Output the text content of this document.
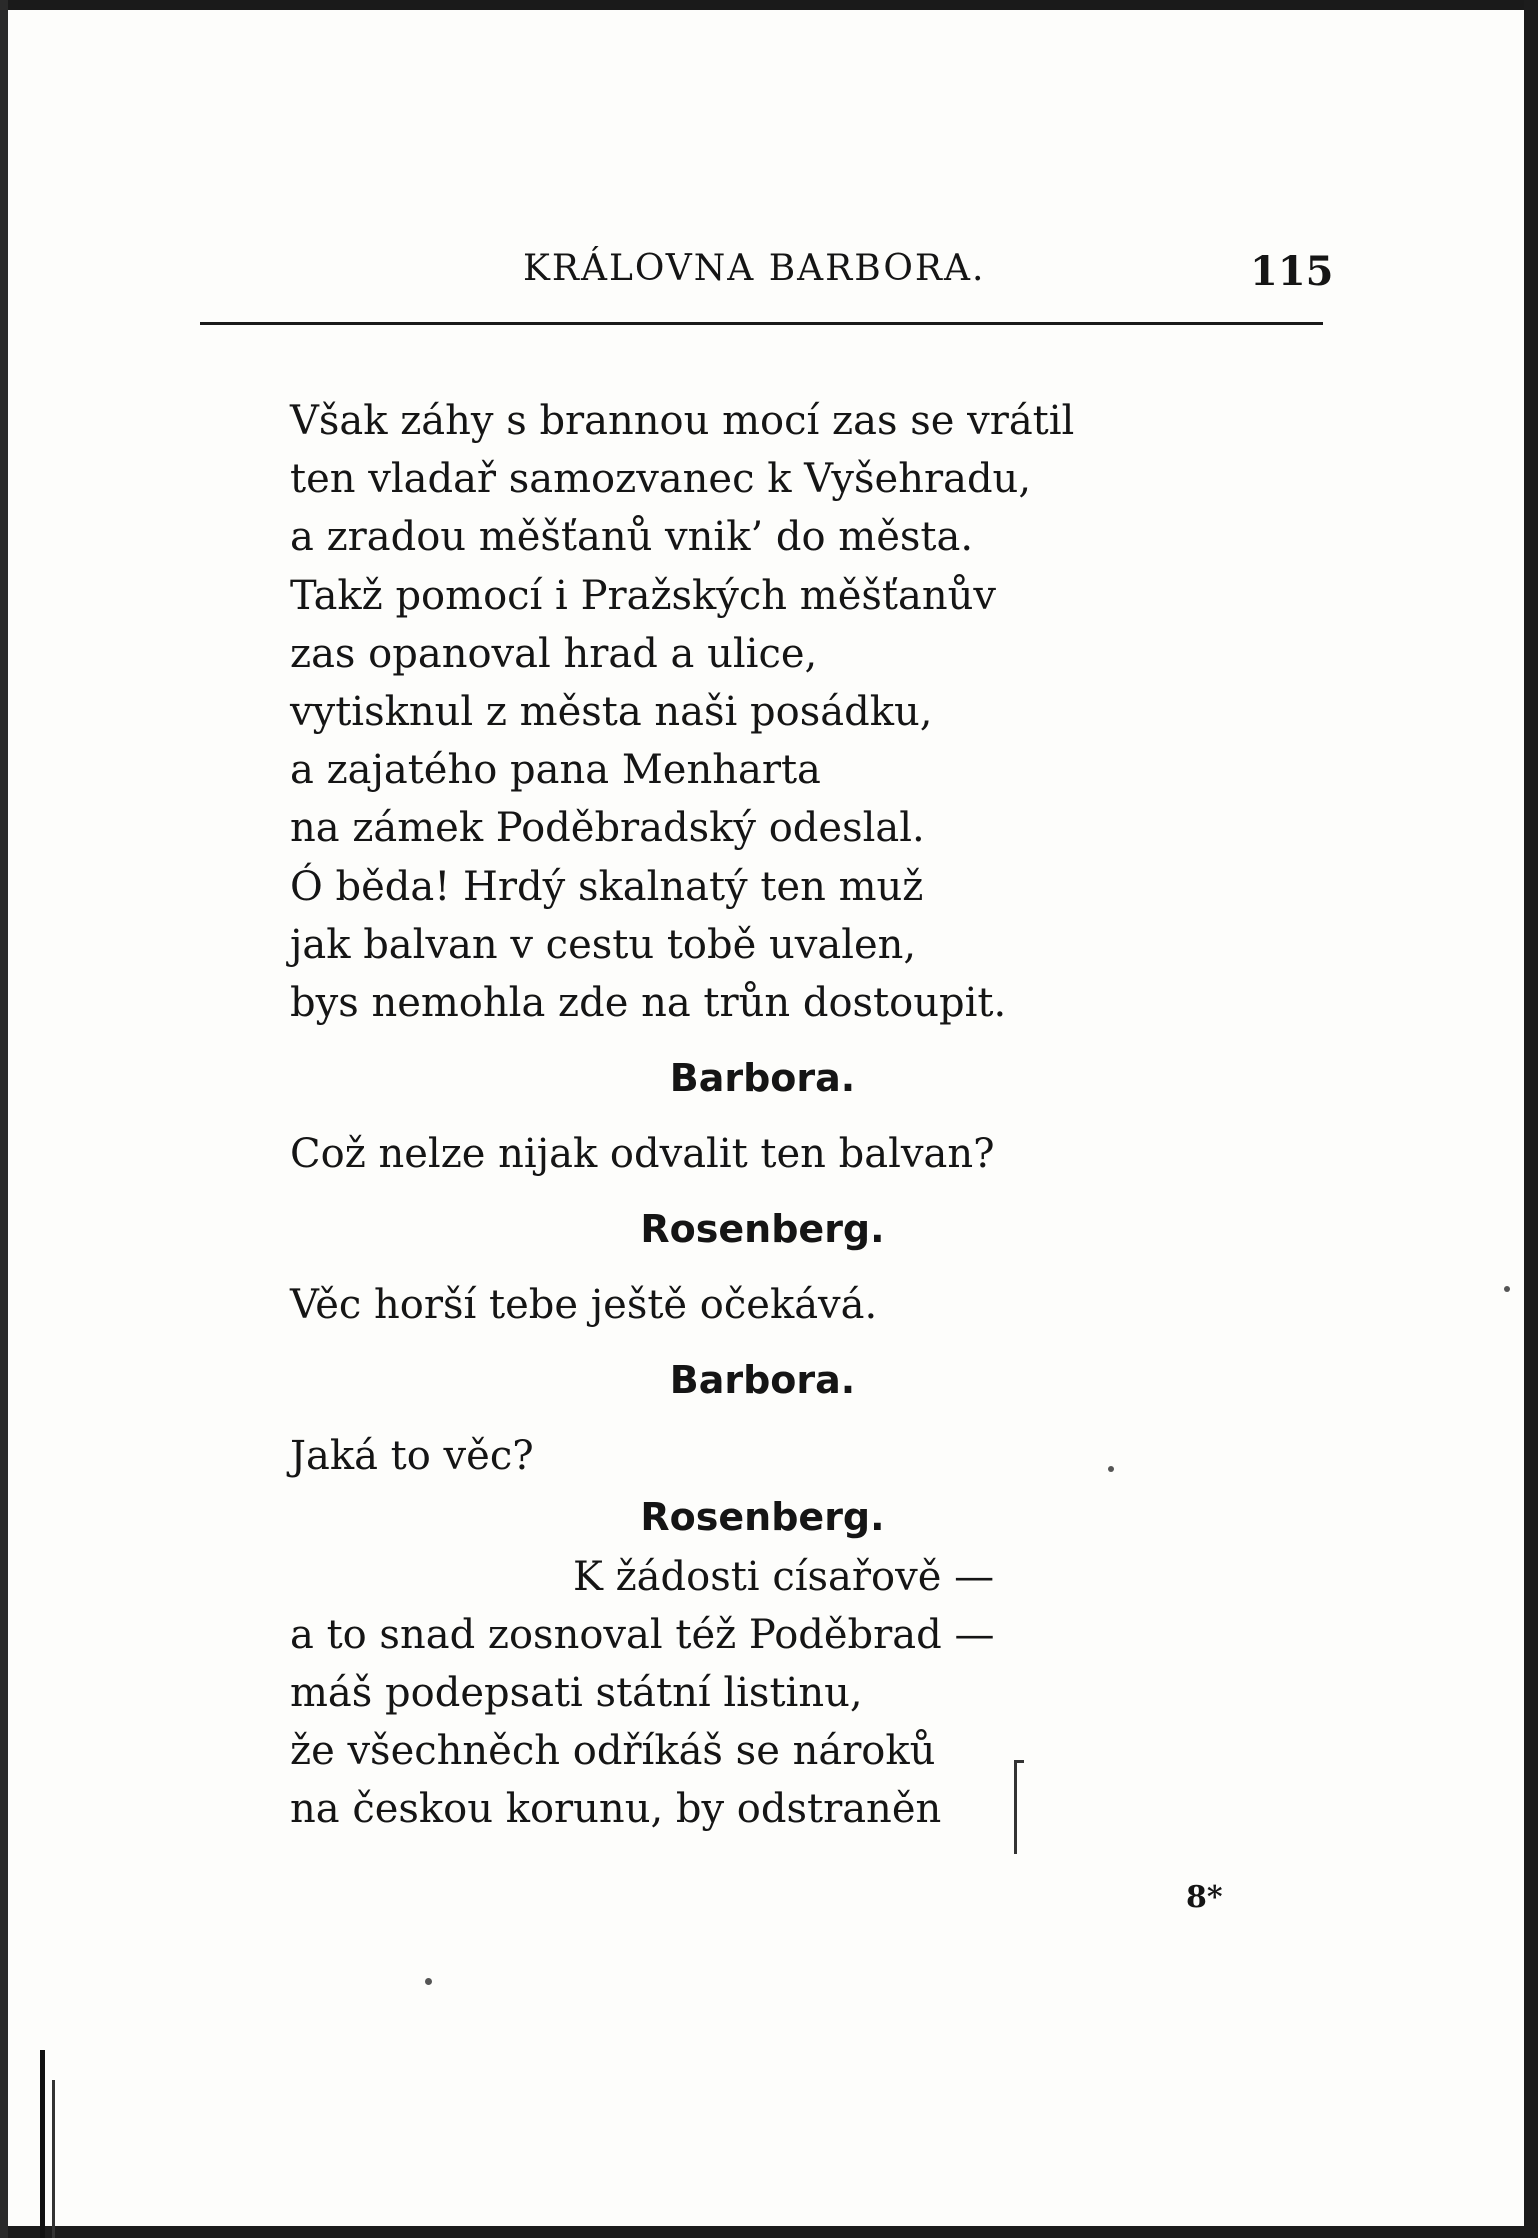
KRÁLOVNA BARBORA.	115
Však záhy s brannou mocí zas se vrátil
ten vladař samozvanec k Vyšehradu,
a zradou měšťanů vnik’ do města.
Takž pomocí i Pražských měšťanův
zas opanoval hrad a ulice,
vytisknul z města naši posádku,
a zajatého pana Menharta
na zámek Poděbradský odeslal.
Ó běda! Hrdý skalnatý ten muž
jak balvan v cestu tobě uvalen,
bys nemohla zde na trůn dostoupit.
Barbora.
Což nelze nijak odvalit ten balvan?
Rosenberg.
Věc horší tebe ještě očekává.
Barbora.
Jaká to věc?
Rosenberg.
K žádosti císařově —
a to snad zosnoval též Poděbrad —
máš podepsati státní listinu,
že všechněch odříkáš se nároků
na českou korunu, by odstraněn
8*
